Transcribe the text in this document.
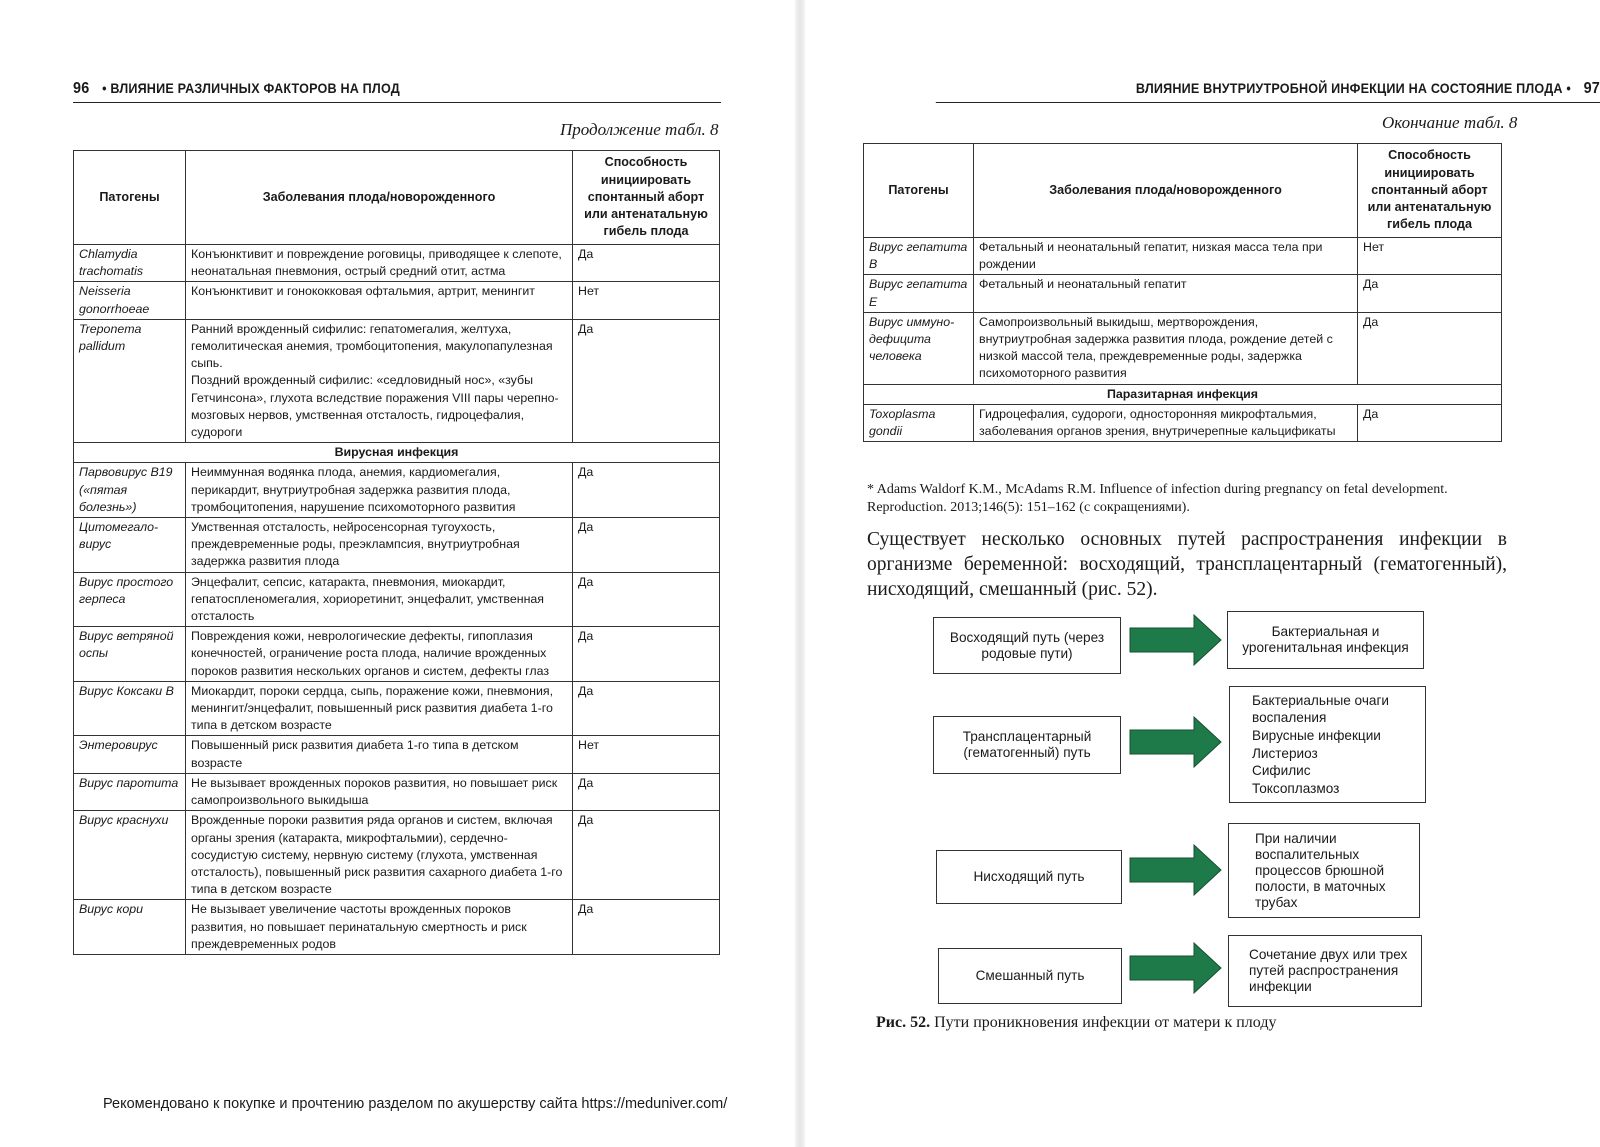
96 • ВЛИЯНИЕ РАЗЛИЧНЫХ ФАКТОРОВ НА ПЛОД
Продолжение табл. 8
Патогены	Заболевания плода/новорожденного	Способность инициировать спонтанный аборт или антенатальную гибель плода
Chlamydia trachomatis	Конъюнктивит и повреждение роговицы, приводящее к слепоте, неонатальная пневмония, острый средний отит, астма	Да
Neisseria gonorrhoeae	Конъюнктивит и гонококковая офтальмия, артрит, менингит	Нет
Treponema pallidum	Ранний врожденный сифилис: гепатомегалия, желтуха, гемолитическая анемия, тромбоцитопения, макулопапулезная сыпь.
Поздний врожденный сифилис: «седловидный нос», «зубы Гетчинсона», глухота вследствие поражения VIII пары черепно-мозговых нервов, умственная отсталость, гидроцефалия, судороги	Да
Вирусная инфекция		
Парвовирус В19 («пятая болезнь»)	Неиммунная водянка плода, анемия, кардиомегалия, перикардит, внутриутробная задержка развития плода, тромбоцитопения, нарушение психомоторного развития	Да
Цитомегало-вирус	Умственная отсталость, нейросенсорная тугоухость, преждевременные роды, преэклампсия, внутриутробная задержка развития плода	Да
Вирус простого герпеса	Энцефалит, сепсис, катаракта, пневмония, миокардит, гепатоспленомегалия, хориоретинит, энцефалит, умственная отсталость	Да
Вирус ветряной оспы	Повреждения кожи, неврологические дефекты, гипоплазия конечностей, ограничение роста плода, наличие врожденных пороков развития нескольких органов и систем, дефекты глаз	Да
Вирус Коксаки В	Миокардит, пороки сердца, сыпь, поражение кожи, пневмония, менингит/энцефалит, повышенный риск развития диабета 1-го типа в детском возрасте	Да
Энтеровирус	Повышенный риск развития диабета 1-го типа в детском возрасте	Нет
Вирус паротита	Не вызывает врожденных пороков развития, но повышает риск самопроизвольного выкидыша	Да
Вирус краснухи	Врожденные пороки развития ряда органов и систем, включая органы зрения (катаракта, микрофтальмии), сердечно-сосудистую систему, нервную систему (глухота, умственная отсталость), повышенный риск развития сахарного диабета 1-го типа в детском возрасте	Да
Вирус кори	Не вызывает увеличение частоты врожденных пороков развития, но повышает перинатальную смертность и риск преждевременных родов	Да
Рекомендовано к покупке и прочтению разделом по акушерству сайта https://meduniver.com/
ВЛИЯНИЕ ВНУТРИУТРОБНОЙ ИНФЕКЦИИ НА СОСТОЯНИЕ ПЛОДА • 97
Окончание табл. 8
Патогены	Заболевания плода/новорожденного	Способность инициировать спонтанный аборт или антенатальную гибель плода
Вирус гепатита В	Фетальный и неонатальный гепатит, низкая масса тела при рождении	Нет
Вирус гепатита Е	Фетальный и неонатальный гепатит	Да
Вирус иммуно-дефицита человека	Самопроизвольный выкидыш, мертворождения, внутриутробная задержка развития плода, рождение детей с низкой массой тела, преждевременные роды, задержка психомоторного развития	Да
Паразитарная инфекция		
Toxoplasma gondii	Гидроцефалия, судороги, односторонняя микрофтальмия, заболевания органов зрения, внутричерепные кальцификаты	Да
* Adams Waldorf K.M., McAdams R.M. Influence of infection during pregnancy on fetal development. Reproduction. 2013;146(5): 151–162 (с сокращениями).
Существует несколько основных путей распространения инфекции в организме беременной: восходящий, трансплацентарный (гематогенный), нисходящий, смешанный (рис. 52).
Восходящий путь (через родовые пути)
Бактериальная и урогенитальная инфекция
Трансплацентарный (гематогенный) путь
Бактериальные очаги воспаления
Вирусные инфекции
Листериоз
Сифилис
Токсоплазмоз
Нисходящий путь
При наличии воспалительных процессов брюшной полости, в маточных трубах
Смешанный путь
Сочетание двух или трех путей распространения инфекции
Рис. 52. Пути проникновения инфекции от матери к плоду
